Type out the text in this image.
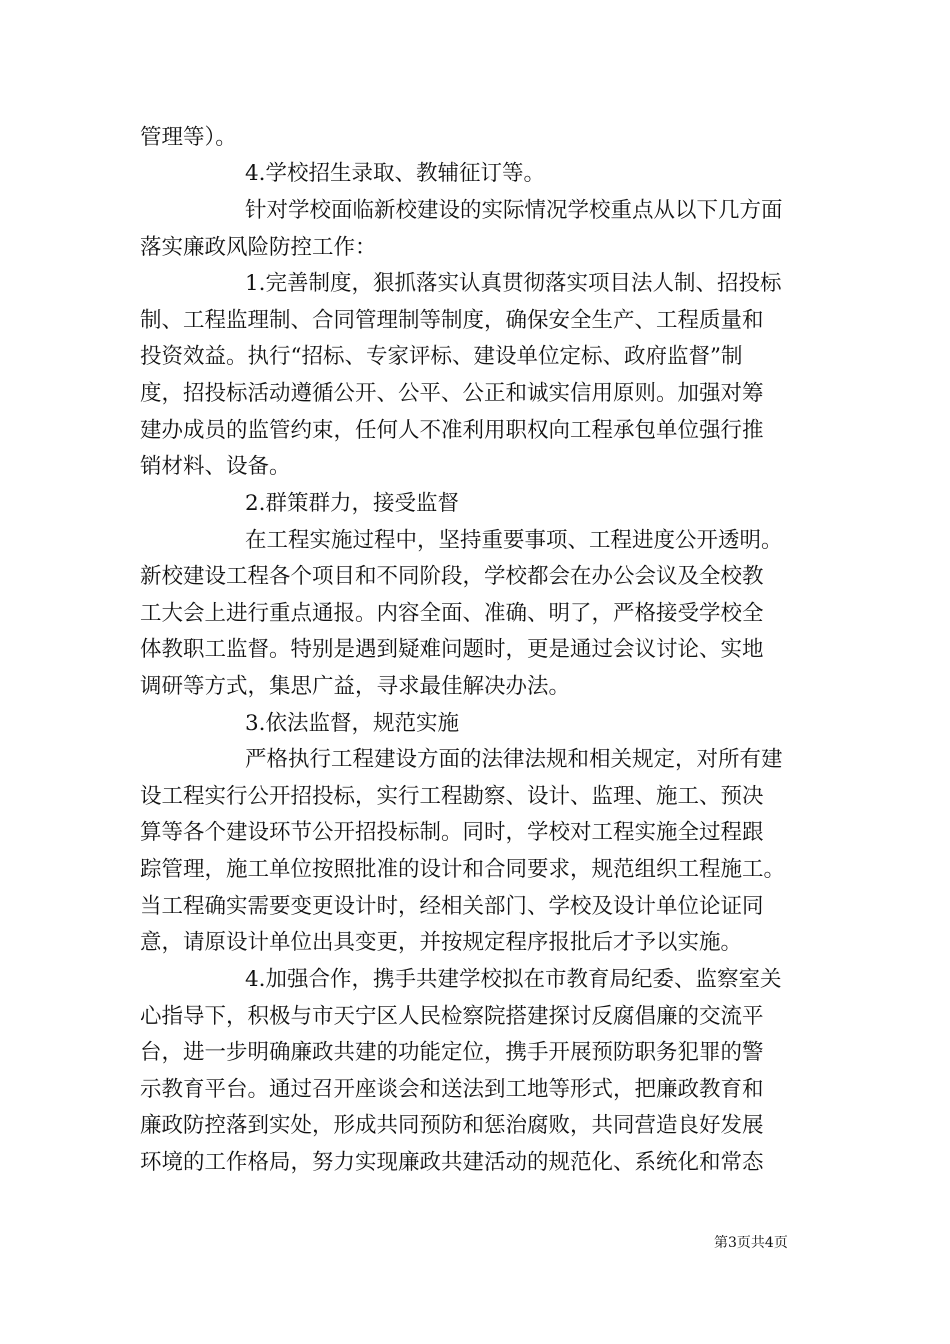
管理等）。
4.学校招生录取、教辅征订等。
针对学校面临新校建设的实际情况学校重点从以下几方面
落实廉政风险防控工作：
1.完善制度，狠抓落实认真贯彻落实项目法人制、招投标
制、工程监理制、合同管理制等制度，确保安全生产、工程质量和
投资效益。执行“招标、专家评标、建设单位定标、政府监督”制
度，招投标活动遵循公开、公平、公正和诚实信用原则。加强对筹
建办成员的监管约束，任何人不准利用职权向工程承包单位强行推
销材料、设备。
2.群策群力，接受监督
在工程实施过程中，坚持重要事项、工程进度公开透明。
新校建设工程各个项目和不同阶段，学校都会在办公会议及全校教
工大会上进行重点通报。内容全面、准确、明了，严格接受学校全
体教职工监督。特别是遇到疑难问题时，更是通过会议讨论、实地
调研等方式，集思广益，寻求最佳解决办法。
3.依法监督，规范实施
严格执行工程建设方面的法律法规和相关规定，对所有建
设工程实行公开招投标，实行工程勘察、设计、监理、施工、预决
算等各个建设环节公开招投标制。同时，学校对工程实施全过程跟
踪管理，施工单位按照批准的设计和合同要求，规范组织工程施工。
当工程确实需要变更设计时，经相关部门、学校及设计单位论证同
意，请原设计单位出具变更，并按规定程序报批后才予以实施。
4.加强合作，携手共建学校拟在市教育局纪委、监察室关
心指导下，积极与市天宁区人民检察院搭建探讨反腐倡廉的交流平
台，进一步明确廉政共建的功能定位，携手开展预防职务犯罪的警
示教育平台。通过召开座谈会和送法到工地等形式，把廉政教育和
廉政防控落到实处，形成共同预防和惩治腐败，共同营造良好发展
环境的工作格局，努力实现廉政共建活动的规范化、系统化和常态
第3页共4页
